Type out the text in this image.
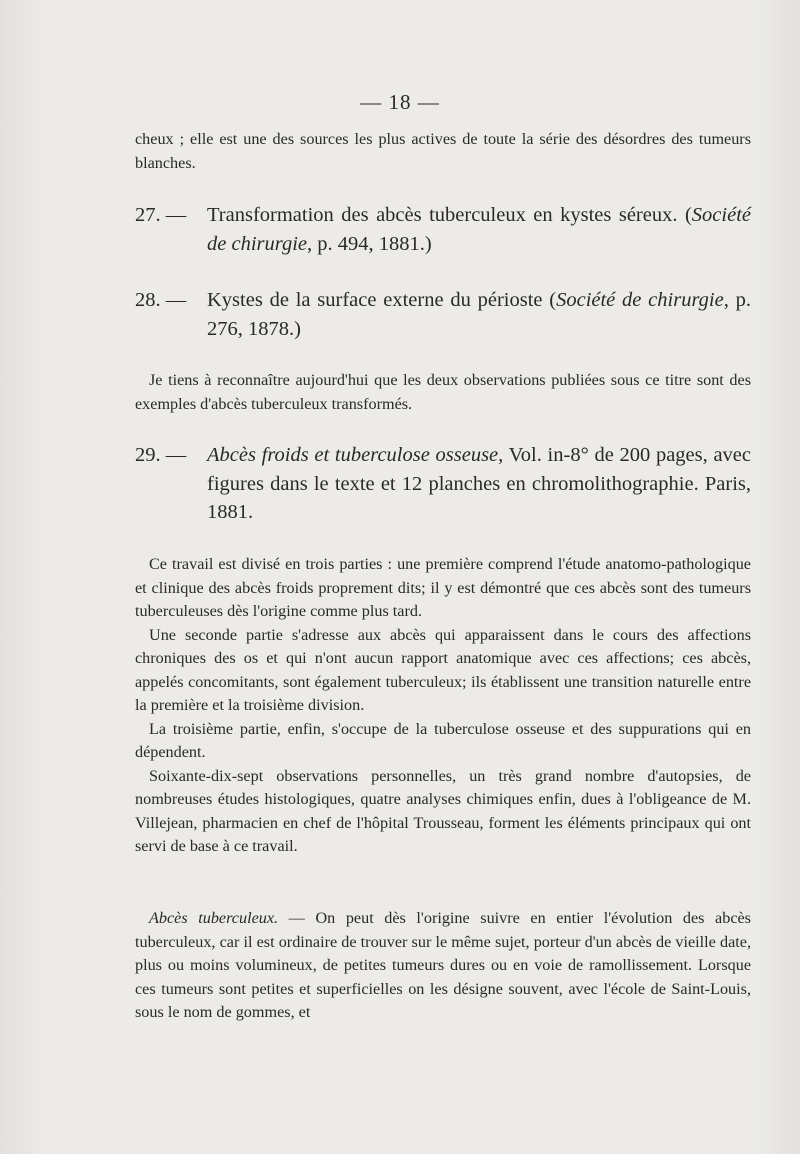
— 18 —

cheux ; elle est une des sources les plus actives de toute la série des désordres des tumeurs blanches.

27. —	Transformation des abcès tuberculeux en kystes séreux. (Société de chirurgie, p. 494, 1881.)
28. —	Kystes de la surface externe du périoste (Société de chirurgie, p. 276, 1878.)

Je tiens à reconnaître aujourd'hui que les deux observations publiées sous ce titre sont des exemples d'abcès tuberculeux transformés.

29. —	Abcès froids et tuberculose osseuse, Vol. in-8° de 200 pages, avec figures dans le texte et 12 planches en chromolithographie. Paris, 1881.

Ce travail est divisé en trois parties : une première comprend l'étude anatomo-pathologique et clinique des abcès froids proprement dits; il y est démontré que ces abcès sont des tumeurs tuberculeuses dès l'origine comme plus tard.

Une seconde partie s'adresse aux abcès qui apparaissent dans le cours des affections chroniques des os et qui n'ont aucun rapport anatomique avec ces affections; ces abcès, appelés concomitants, sont également tuberculeux; ils établissent une transition naturelle entre la première et la troisième division.

La troisième partie, enfin, s'occupe de la tuberculose osseuse et des suppurations qui en dépendent.

Soixante-dix-sept observations personnelles, un très grand nombre d'autopsies, de nombreuses études histologiques, quatre analyses chimiques enfin, dues à l'obligeance de M. Villejean, pharmacien en chef de l'hôpital Trousseau, forment les éléments principaux qui ont servi de base à ce travail.

Abcès tuberculeux. — On peut dès l'origine suivre en entier l'évolution des abcès tuberculeux, car il est ordinaire de trouver sur le même sujet, porteur d'un abcès de vieille date, plus ou moins volumineux, de petites tumeurs dures ou en voie de ramollissement. Lorsque ces tumeurs sont petites et superficielles on les désigne souvent, avec l'école de Saint-Louis, sous le nom de gommes, et
